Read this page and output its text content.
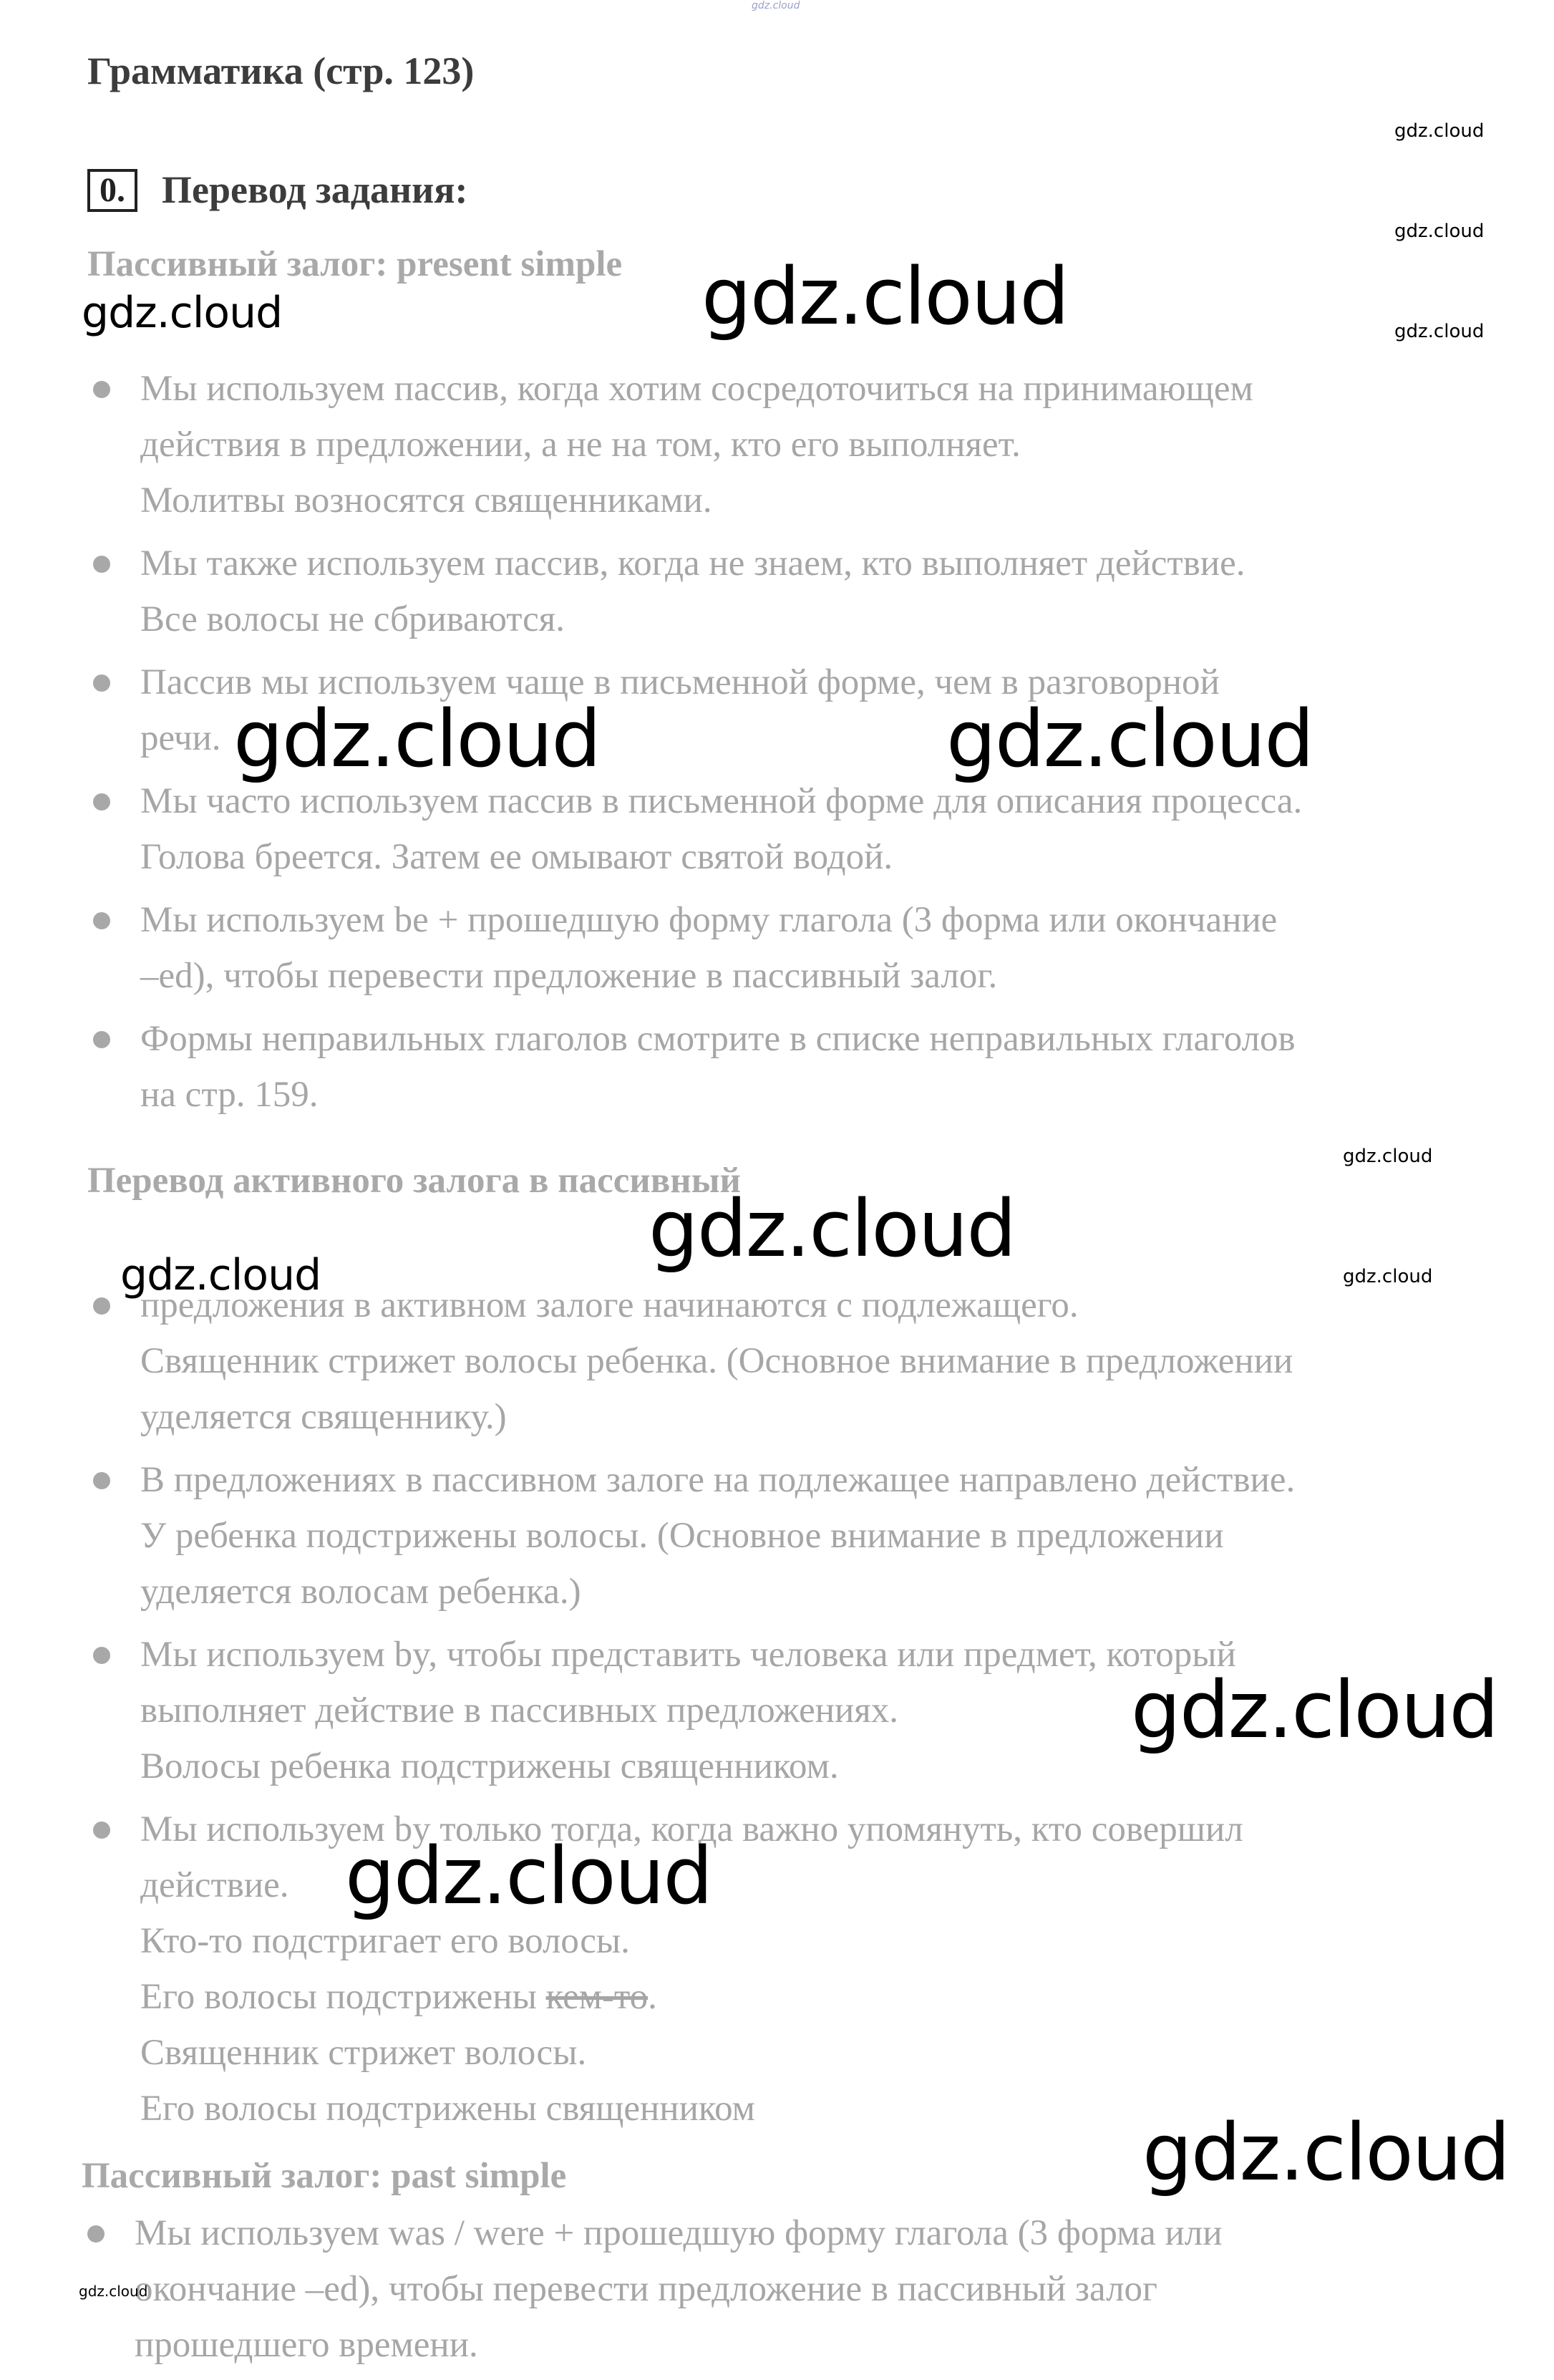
gdz.cloud
Грамматика (стр. 123)
0. Перевод задания:
Пассивный залог: present simple
Мы используем пассив, когда хотим сосредоточиться на принимающем
действия в предложении, а не на том, кто его выполняет.
Молитвы возносятся священниками.
Мы также используем пассив, когда не знаем, кто выполняет действие.
Все волосы не сбриваются.
Пассив мы используем чаще в письменной форме, чем в разговорной
речи.
Мы часто используем пассив в письменной форме для описания процесса.
Голова бреется. Затем ее омывают святой водой.
Мы используем be + прошедшую форму глагола (3 форма или окончание
–ed), чтобы перевести предложение в пассивный залог.
Формы неправильных глаголов смотрите в списке неправильных глаголов
на стр. 159.
Перевод активного залога в пассивный
предложения в активном залоге начинаются с подлежащего.
Священник стрижет волосы ребенка. (Основное внимание в предложении
уделяется священнику.)
В предложениях в пассивном залоге на подлежащее направлено действие.
У ребенка подстрижены волосы. (Основное внимание в предложении
уделяется волосам ребенка.)
Мы используем by, чтобы представить человека или предмет, который
выполняет действие в пассивных предложениях.
Волосы ребенка подстрижены священником.
Мы используем by только тогда, когда важно упомянуть, кто совершил
действие.
Кто-то подстригает его волосы.
Его волосы подстрижены кем-то.
Священник стрижет волосы.
Его волосы подстрижены священником
Пассивный залог: past simple
Мы используем was / were + прошедшую форму глагола (3 форма или
окончание –ed), чтобы перевести предложение в пассивный залог
прошедшего времени.
gdz.cloud
gdz.cloud
gdz.cloud
gdz.cloud	gdz.cloud
gdz.cloud	gdz.cloud
gdz.cloud
gdz.cloud
gdz.cloud
gdz.cloud
gdz.cloud
gdz.cloud
gdz.cloud
gdz.cloud
